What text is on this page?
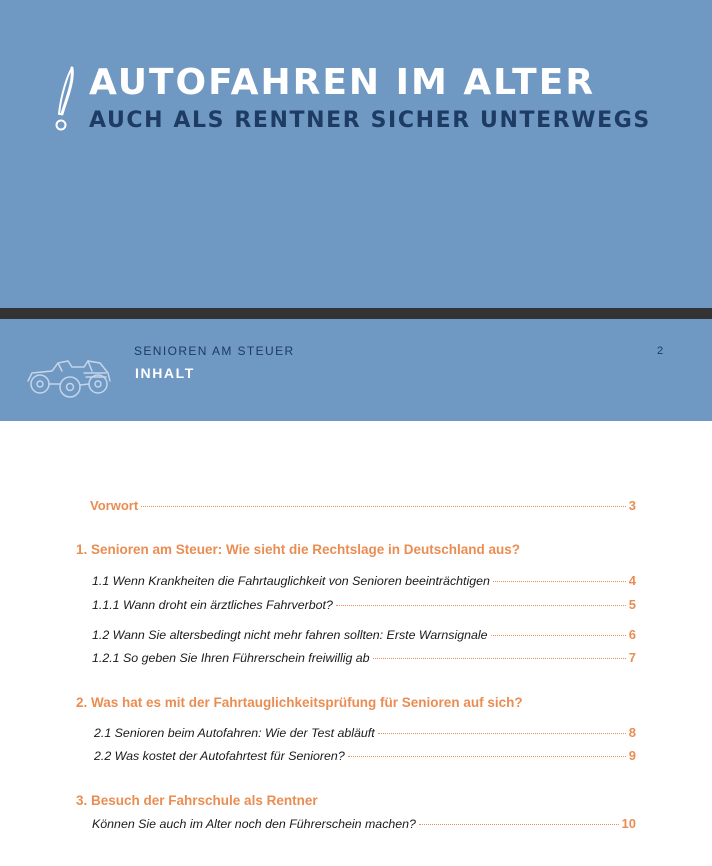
AUTOFAHREN IM ALTER
AUCH ALS RENTNER SICHER UNTERWEGS
SENIOREN AM STEUER
INHALT
2
Vorwort	3
1. Senioren am Steuer: Wie sieht die Rechtslage in Deutschland aus?
1.1 Wenn Krankheiten die Fahrtauglichkeit von Senioren beeinträchtigen	4
1.1.1 Wann droht ein ärztliches Fahrverbot?	5
1.2 Wann Sie altersbedingt nicht mehr fahren sollten: Erste Warnsignale	6
1.2.1 So geben Sie Ihren Führerschein freiwillig ab	7
2. Was hat es mit der Fahrtauglichkeitsprüfung für Senioren auf sich?
2.1 Senioren beim Autofahren: Wie der Test abläuft	8
2.2 Was kostet der Autofahrtest für Senioren?	9
3. Besuch der Fahrschule als Rentner
Können Sie auch im Alter noch den Führerschein machen?	10
